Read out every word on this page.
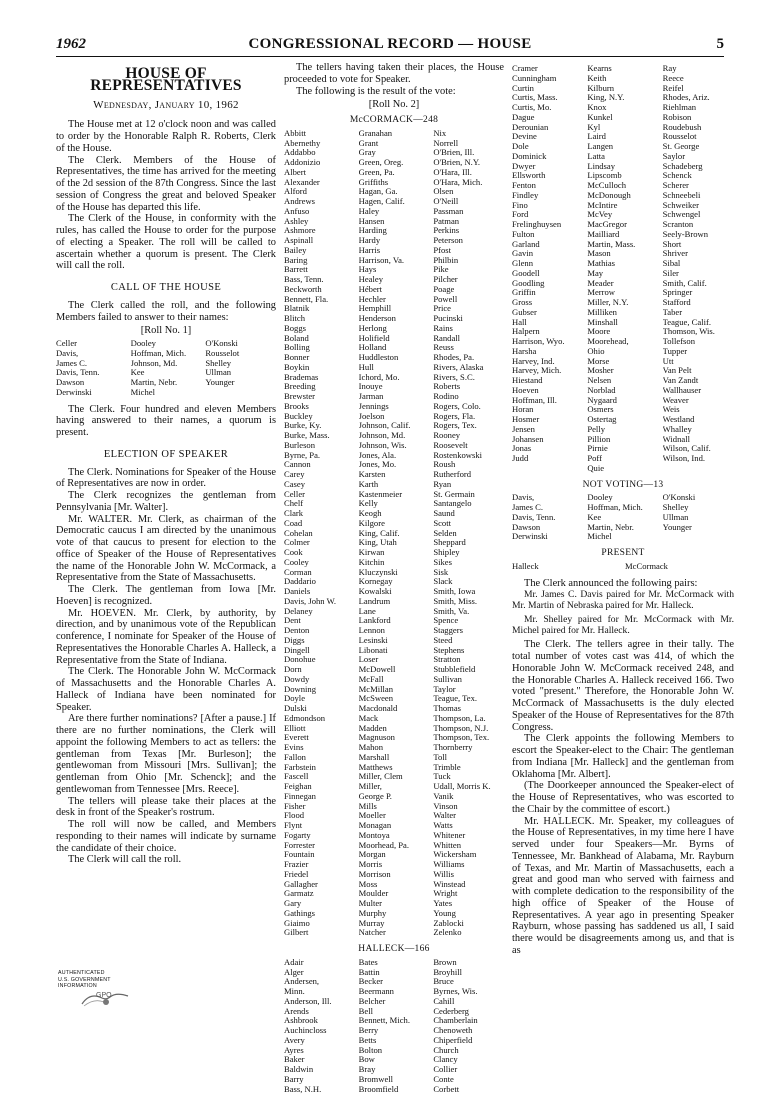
1962	CONGRESSIONAL RECORD — HOUSE	5
HOUSE OF REPRESENTATIVES
Wednesday, January 10, 1962

The House met at 12 o'clock noon and was called to order by the Honorable Ralph R. Roberts, Clerk of the House.

The Clerk. Members of the House of Representatives, the time has arrived for the meeting of the 2d session of the 87th Congress. Since the last session of Congress the great and beloved Speaker of the House has departed this life.

The Clerk of the House, in conformity with the rules, has called the House to order for the purpose of electing a Speaker. The roll will be called to ascertain whether a quorum is present. The Clerk will call the roll.

CALL OF THE HOUSE

The Clerk called the roll, and the following Members failed to answer to their names:

[Roll No. 1]
Celler	Dooley	O'Konski
Davis,	Hoffman, Mich.	Rousselot
James C.	Johnson, Md.	Shelley
Davis, Tenn.	Kee	Ullman
Dawson	Martin, Nebr.	Younger
Derwinski	Michel

The Clerk. Four hundred and eleven Members having answered to their names, a quorum is present.

ELECTION OF SPEAKER

The Clerk. Nominations for Speaker of the House of Representatives are now in order.

The Clerk recognizes the gentleman from Pennsylvania [Mr. Walter].

Mr. WALTER. Mr. Clerk, as chairman of the Democratic caucus I am directed by the unanimous vote of that caucus to present for election to the office of Speaker of the House of Representatives the name of the Honorable John W. McCormack, a Representative from the State of Massachusetts.

The Clerk. The gentleman from Iowa [Mr. Hoeven] is recognized.

Mr. HOEVEN. Mr. Clerk, by authority, by direction, and by unanimous vote of the Republican conference, I nominate for Speaker of the House of Representatives the Honorable Charles A. Halleck, a Representative from the State of Indiana.

The Clerk. The Honorable John W. McCormack of Massachusetts and the Honorable Charles A. Halleck of Indiana have been nominated for Speaker.

Are there further nominations? [After a pause.] If there are no further nominations, the Clerk will appoint the following Members to act as tellers: the gentleman from Texas [Mr. Burleson]; the gentlewoman from Missouri [Mrs. Sullivan]; the gentleman from Ohio [Mr. Schenck]; and the gentlewoman from Tennessee [Mrs. Reece].

The tellers will please take their places at the desk in front of the Speaker's rostrum.

The roll will now be called, and Members responding to their names will indicate by surname the candidate of their choice.

The Clerk will call the roll.

The tellers having taken their places, the House proceeded to vote for Speaker.

The following is the result of the vote:

[Roll No. 2]
McCORMACK—248
Abbitt	Granahan	Nix
Abernethy	Grant	Norrell
Addabbo	Gray	O'Brien, Ill.
Addonizio	Green, Oreg.	O'Brien, N.Y.
Albert	Green, Pa.	O'Hara, Ill.
Alexander	Griffiths	O'Hara, Mich.
Alford	Hagan, Ga.	Olsen
Andrews	Hagen, Calif.	O'Neill
Anfuso	Haley	Passman
Ashley	Hansen	Patman
Ashmore	Harding	Perkins
Aspinall	Hardy	Peterson
Bailey	Harris	Pfost
Baring	Harrison, Va.	Philbin
Barrett	Hays	Pike
Bass, Tenn.	Healey	Pilcher
Beckworth	Hébert	Poage
Bennett, Fla.	Hechler	Powell
Blatnik	Hemphill	Price
Blitch	Henderson	Pucinski
Boggs	Herlong	Rains
Boland	Holifield	Randall
Bolling	Holland	Reuss
Bonner	Huddleston	Rhodes, Pa.
Boykin	Hull	Rivers, Alaska
Brademas	Ichord, Mo.	Rivers, S.C.
Breeding	Inouye	Roberts
Brewster	Jarman	Rodino
Brooks	Jennings	Rogers, Colo.
Buckley	Joelson	Rogers, Fla.
Burke, Ky.	Johnson, Calif.	Rogers, Tex.
Burke, Mass.	Johnson, Md.	Rooney
Burleson	Johnson, Wis.	Roosevelt
Byrne, Pa.	Jones, Ala.	Rostenkowski
Cannon	Jones, Mo.	Roush
Carey	Karsten	Rutherford
Casey	Karth	Ryan
Celler	Kastenmeier	St. Germain
Chelf	Kelly	Santangelo
Clark	Keogh	Saund
Coad	Kilgore	Scott
Cohelan	King, Calif.	Selden
Colmer	King, Utah	Sheppard
Cook	Kirwan	Shipley
Cooley	Kitchin	Sikes
Corman	Kluczynski	Sisk
Daddario	Kornegay	Slack
Daniels	Kowalski	Smith, Iowa
Davis, John W.	Landrum	Smith, Miss.
Delaney	Lane	Smith, Va.
Dent	Lankford	Spence
Denton	Lennon	Staggers
Diggs	Lesinski	Steed
Dingell	Libonati	Stephens
Donohue	Loser	Stratton
Dorn	McDowell	Stubblefield
Dowdy	McFall	Sullivan
Downing	McMillan	Taylor
Doyle	McSween	Teague, Tex.
Dulski	Macdonald	Thomas
Edmondson	Mack	Thompson, La.
Elliott	Madden	Thompson, N.J.
Everett	Magnuson	Thompson, Tex.
Evins	Mahon	Thornberry
Fallon	Marshall	Toll
Farbstein	Matthews	Trimble
Fascell	Miller, Clem	Tuck
Feighan	Miller,	Udall, Morris K.
Finnegan	George P.	Vanik
Fisher	Mills	Vinson
Flood	Moeller	Walter
Flynt	Monagan	Watts
Fogarty	Montoya	Whitener
Forrester	Moorhead, Pa.	Whitten
Fountain	Morgan	Wickersham
Frazier	Morris	Williams
Friedel	Morrison	Willis
Gallagher	Moss	Winstead
Garmatz	Moulder	Wright
Gary	Multer	Yates
Gathings	Murphy	Young
Giaimo	Murray	Zablocki
Gilbert	Natcher	Zelenko
HALLECK—166
Adair	Bates	Brown
Alger	Battin	Broyhill
Andersen,	Becker	Bruce
Minn.	Beermann	Byrnes, Wis.
Anderson, Ill.	Belcher	Cahill
Arends	Bell	Cederberg
Ashbrook	Bennett, Mich.	Chamberlain
Auchincloss	Berry	Chenoweth
Avery	Betts	Chiperfield
Ayres	Bolton	Church
Baker	Bow	Clancy
Baldwin	Bray	Collier
Barry	Bromwell	Conte
Bass, N.H.	Broomfield	Corbett
Cramer	Kearns	Ray
Cunningham	Keith	Reece
Curtin	Kilburn	Reifel
Curtis, Mass.	King, N.Y.	Rhodes, Ariz.
Curtis, Mo.	Knox	Riehlman
Dague	Kunkel	Robison
Derounian	Kyl	Roudebush
Devine	Laird	Rousselot
Dole	Langen	St. George
Dominick	Latta	Saylor
Dwyer	Lindsay	Schadeberg
Ellsworth	Lipscomb	Schenck
Fenton	McCulloch	Scherer
Findley	McDonough	Schneebeli
Fino	McIntire	Schweiker
Ford	McVey	Schwengel
Frelinghuysen	MacGregor	Scranton
Fulton	Mailliard	Seely-Brown
Garland	Martin, Mass.	Short
Gavin	Mason	Shriver
Glenn	Mathias	Sibal
Goodell	May	Siler
Goodling	Meader	Smith, Calif.
Griffin	Merrow	Springer
Gross	Miller, N.Y.	Stafford
Gubser	Milliken	Taber
Hall	Minshall	Teague, Calif.
Halpern	Moore	Thomson, Wis.
Harrison, Wyo.	Moorehead,	Tollefson
Harsha	Ohio	Tupper
Harvey, Ind.	Morse	Utt
Harvey, Mich.	Mosher	Van Pelt
Hiestand	Nelsen	Van Zandt
Hoeven	Norblad	Wallhauser
Hoffman, Ill.	Nygaard	Weaver
Horan	Osmers	Weis
Hosmer	Ostertag	Westland
Jensen	Pelly	Whalley
Johansen	Pillion	Widnall
Jonas	Pirnie	Wilson, Calif.
Judd	Poff	Wilson, Ind.
Quie
NOT VOTING—13
Davis,	Dooley	O'Konski
James C.	Hoffman, Mich.	Shelley
Davis, Tenn.	Kee	Ullman
Dawson	Martin, Nebr.	Younger
Derwinski	Michel
PRESENT
Halleck	McCormack

The Clerk announced the following pairs:

Mr. James C. Davis paired for Mr. McCormack with Mr. Martin of Nebraska paired for Mr. Halleck.

Mr. Shelley paired for Mr. McCormack with Mr. Michel paired for Mr. Halleck.

The Clerk. The tellers agree in their tally. The total number of votes cast was 414, of which the Honorable John W. McCormack received 248, and the Honorable Charles A. Halleck received 166. Two voted "present." Therefore, the Honorable John W. McCormack of Massachusetts is the duly elected Speaker of the House of Representatives for the 87th Congress.

The Clerk appoints the following Members to escort the Speaker-elect to the Chair: The gentleman from Indiana [Mr. Halleck] and the gentleman from Oklahoma [Mr. Albert].

(The Doorkeeper announced the Speaker-elect of the House of Representatives, who was escorted to the Chair by the committee of escort.)

Mr. HALLECK. Mr. Speaker, my colleagues of the House of Representatives, in my time here I have served under four Speakers—Mr. Byrns of Tennessee, Mr. Bankhead of Alabama, Mr. Rayburn of Texas, and Mr. Martin of Massachusetts, each a great and good man who served with fairness and with complete dedication to the responsibility of the high office of Speaker of the House of Representatives. A year ago in presenting Speaker Rayburn, whose passing has saddened us all, I said there would be disagreements among us, and that is as

AUTHENTICATED
U.S. GOVERNMENT
INFORMATION
GPO
